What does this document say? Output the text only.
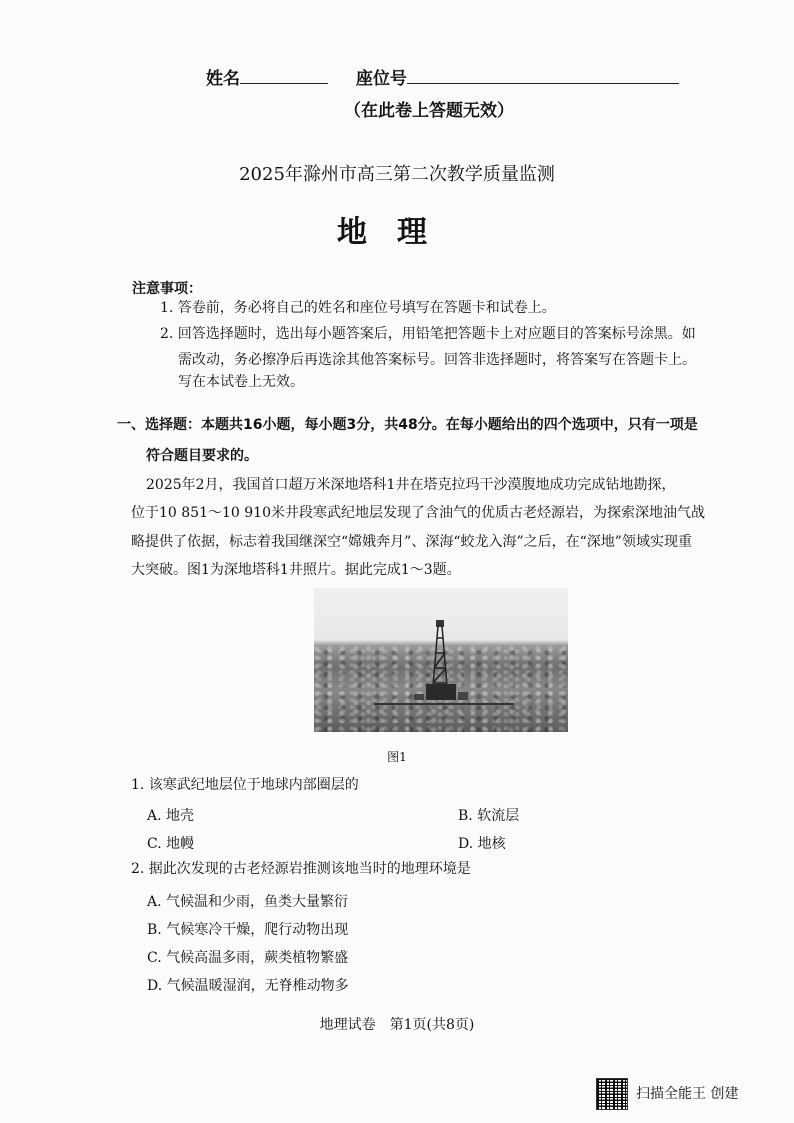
姓名	座位号
（在此卷上答题无效）
2025年滁州市高三第二次教学质量监测
地理
注意事项：
1. 答卷前，务必将自己的姓名和座位号填写在答题卡和试卷上。
2. 回答选择题时，选出每小题答案后，用铅笔把答题卡上对应题目的答案标号涂黑。如
需改动，务必擦净后再选涂其他答案标号。回答非选择题时，将答案写在答题卡上。
写在本试卷上无效。
一、选择题：本题共16小题，每小题3分，共48分。在每小题给出的四个选项中，只有一项是
符合题目要求的。
2025年2月，我国首口超万米深地塔科1井在塔克拉玛干沙漠腹地成功完成钻地勘探，
位于10 851～10 910米井段寒武纪地层发现了含油气的优质古老烃源岩，为探索深地油气战
略提供了依据，标志着我国继深空“嫦娥奔月”、深海“蛟龙入海”之后，在“深地”领域实现重
大突破。图1为深地塔科1井照片。据此完成1～3题。
图1
1. 该寒武纪地层位于地球内部圈层的
A. 地壳	B. 软流层
C. 地幔	D. 地核
2. 据此次发现的古老烃源岩推测该地当时的地理环境是
A. 气候温和少雨，鱼类大量繁衍
B. 气候寒冷干燥，爬行动物出现
C. 气候高温多雨，蕨类植物繁盛
D. 气候温暖湿润，无脊椎动物多
地理试卷　第1页(共8页)
扫描全能王 创建
